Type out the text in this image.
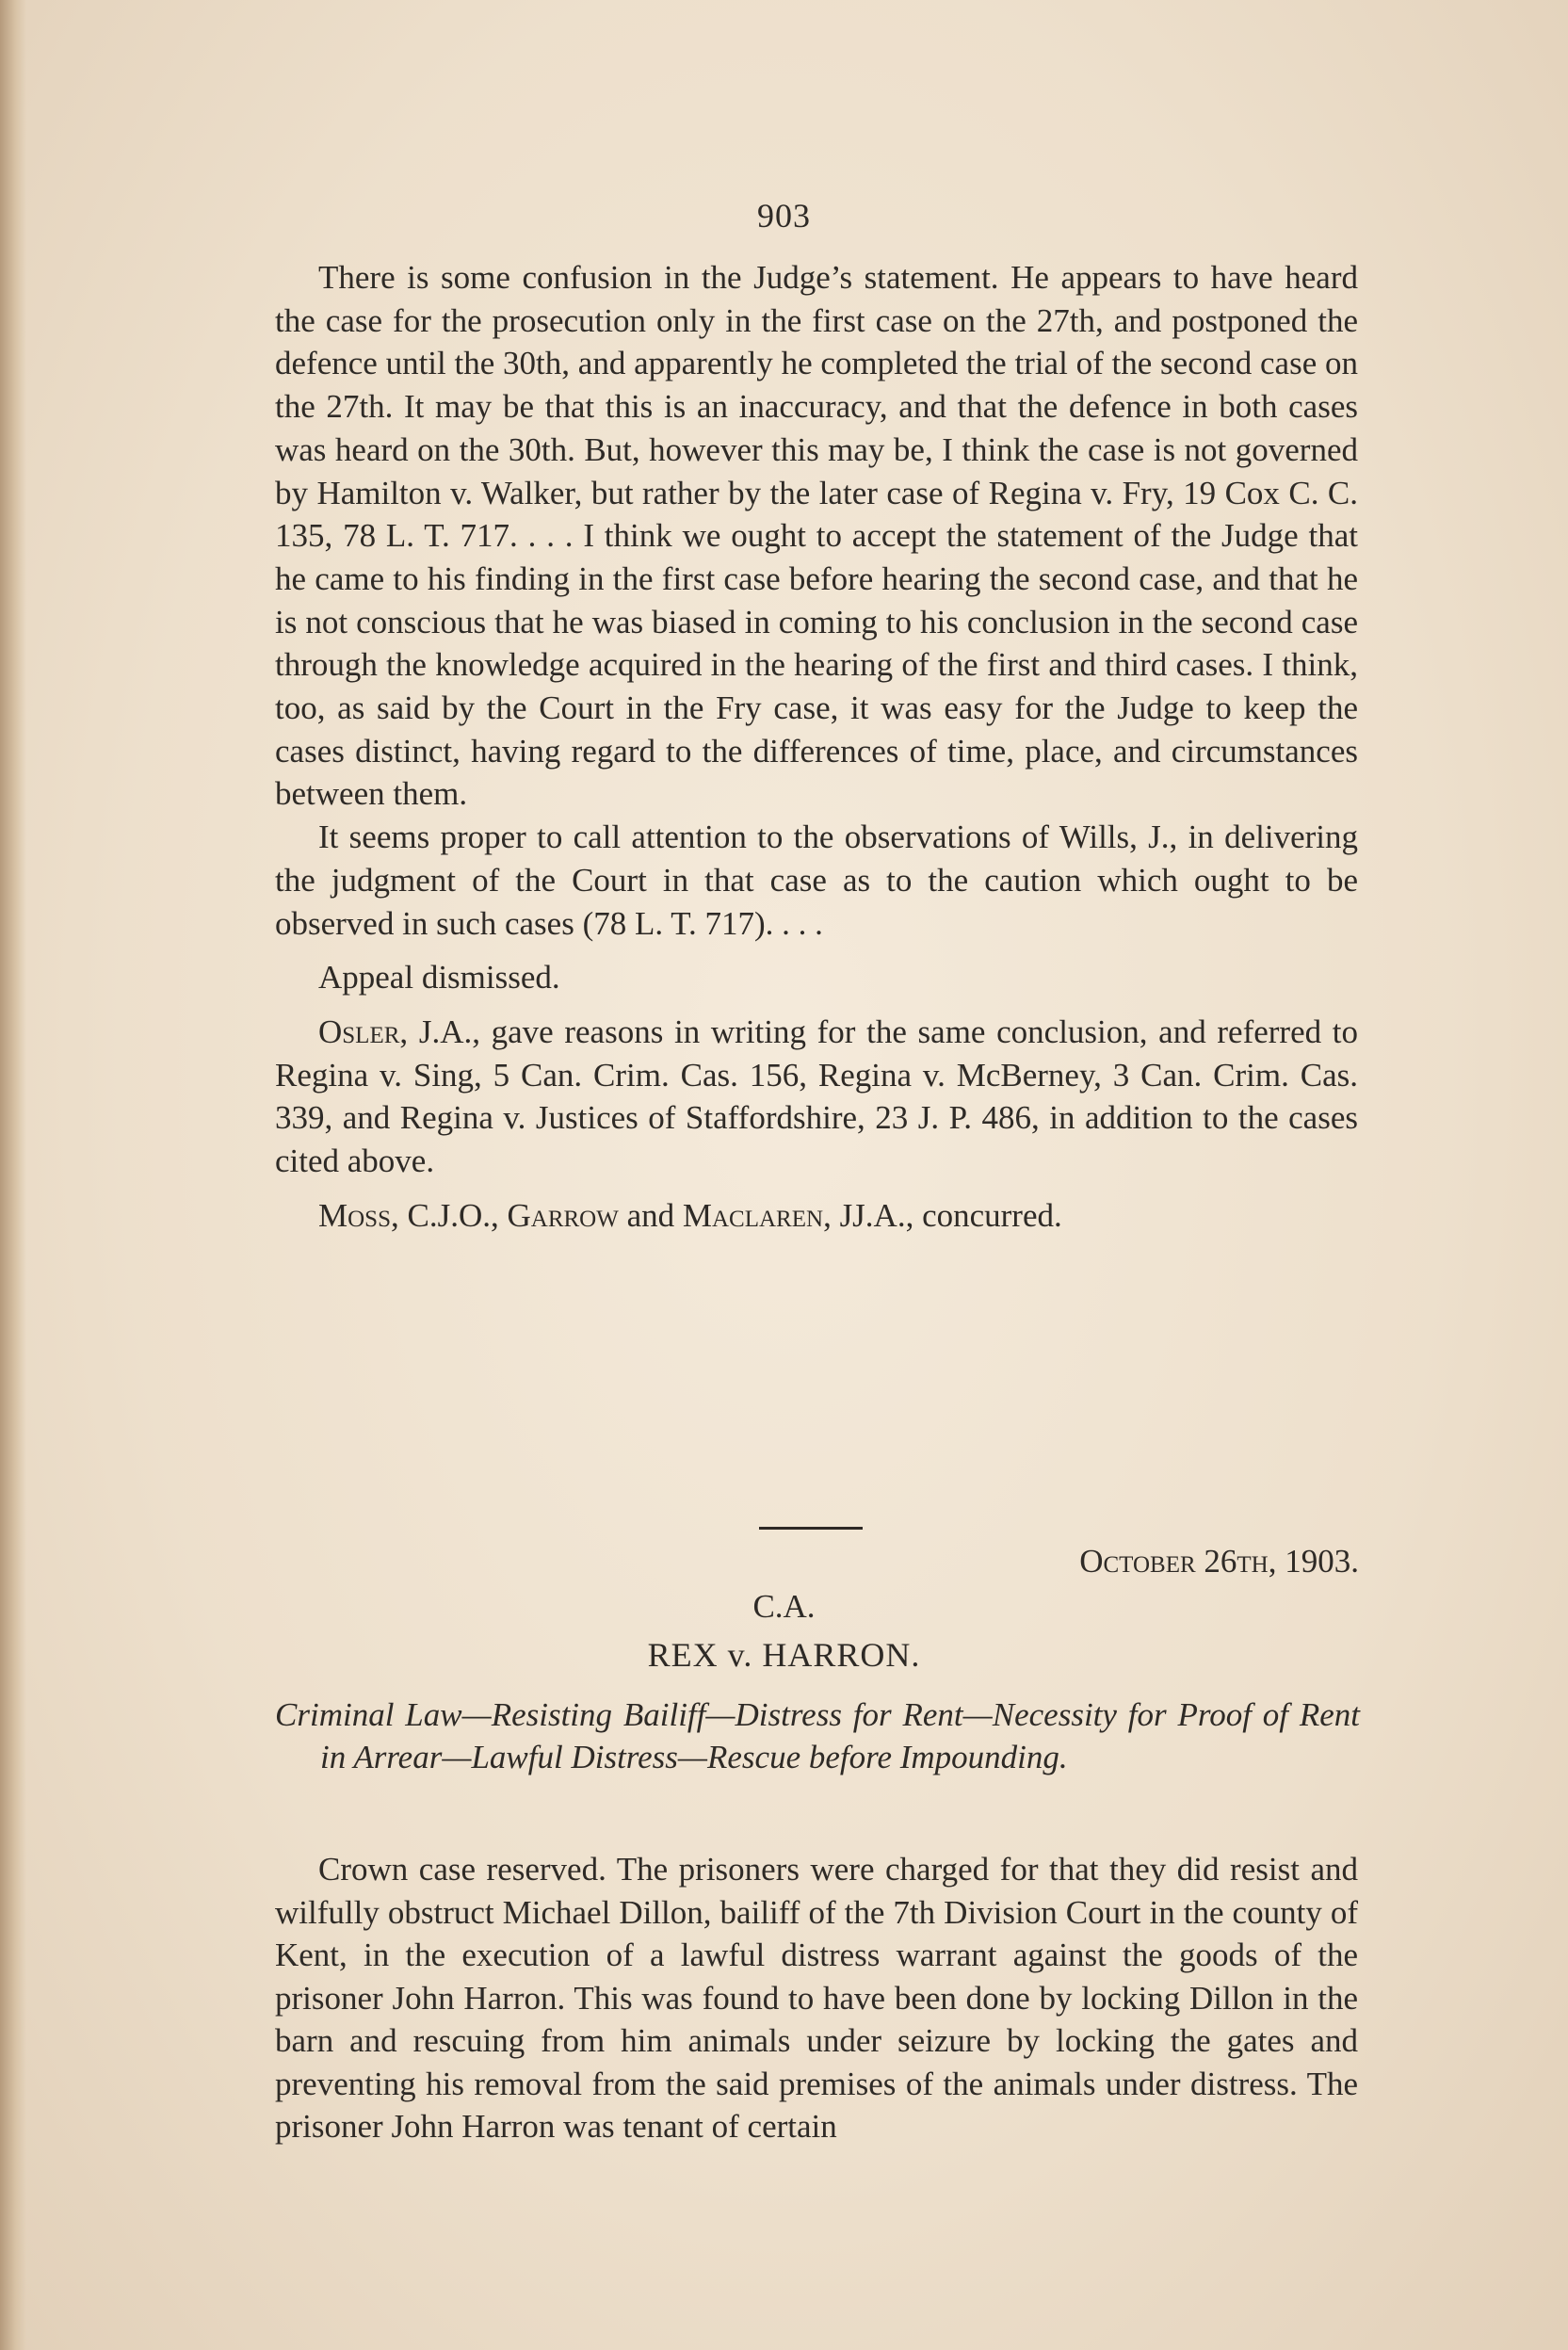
903

There is some confusion in the Judge’s statement. He appears to have heard the case for the prosecution only in the first case on the 27th, and postponed the defence until the 30th, and apparently he completed the trial of the second case on the 27th. It may be that this is an inaccuracy, and that the defence in both cases was heard on the 30th. But, however this may be, I think the case is not governed by Hamilton v. Walker, but rather by the later case of Regina v. Fry, 19 Cox C. C. 135, 78 L. T. 717. . . . I think we ought to accept the statement of the Judge that he came to his finding in the first case before hearing the second case, and that he is not conscious that he was biased in coming to his conclusion in the second case through the knowledge acquired in the hearing of the first and third cases. I think, too, as said by the Court in the Fry case, it was easy for the Judge to keep the cases distinct, having regard to the differences of time, place, and circumstances between them.

It seems proper to call attention to the observations of Wills, J., in delivering the judgment of the Court in that case as to the caution which ought to be observed in such cases (78 L. T. 717). . . .

Appeal dismissed.

Osler, J.A., gave reasons in writing for the same conclusion, and referred to Regina v. Sing, 5 Can. Crim. Cas. 156, Regina v. McBerney, 3 Can. Crim. Cas. 339, and Regina v. Justices of Staffordshire, 23 J. P. 486, in addition to the cases cited above.

Moss, C.J.O., Garrow and Maclaren, JJ.A., concurred.

October 26th, 1903.
C.A.
REX v. HARRON.
Criminal Law—Resisting Bailiff—Distress for Rent—Necessity for Proof of Rent in Arrear—Lawful Distress—Rescue before Impounding.

Crown case reserved. The prisoners were charged for that they did resist and wilfully obstruct Michael Dillon, bailiff of the 7th Division Court in the county of Kent, in the execution of a lawful distress warrant against the goods of the prisoner John Harron. This was found to have been done by locking Dillon in the barn and rescuing from him animals under seizure by locking the gates and preventing his removal from the said premises of the animals under distress. The prisoner John Harron was tenant of certain
